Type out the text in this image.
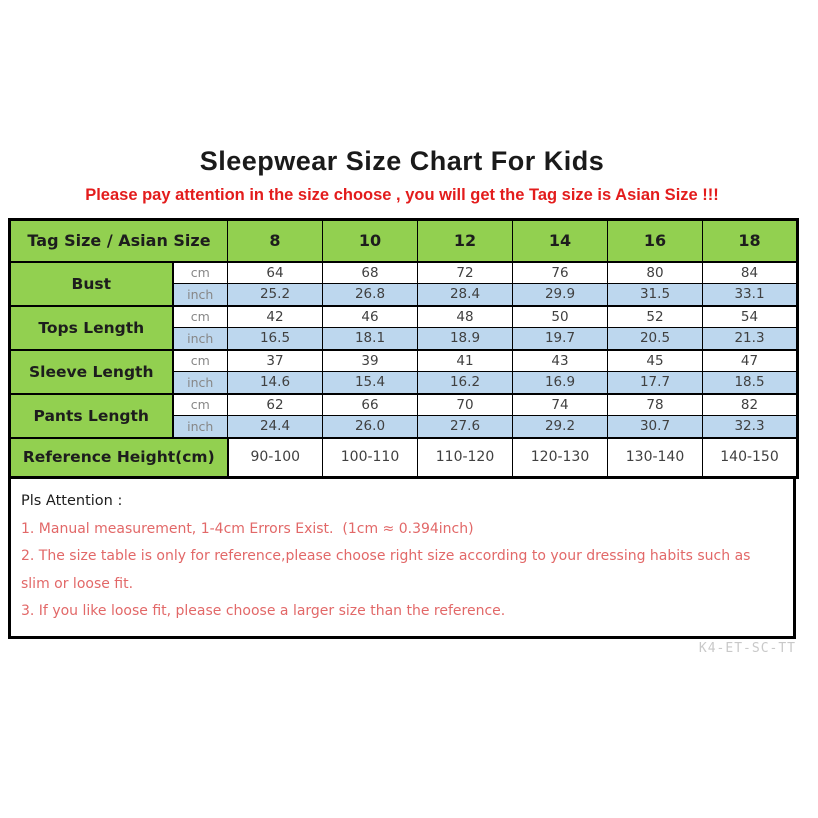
Sleepwear Size Chart For Kids
Please pay attention in the size choose , you will get the Tag size is Asian Size !!!
Tag Size / Asian Size		8	10	12	14	16	18
Bust	cm	64	68	72	76	80	84
	inch	25.2	26.8	28.4	29.9	31.5	33.1
Tops Length	cm	42	46	48	50	52	54
	inch	16.5	18.1	18.9	19.7	20.5	21.3
Sleeve Length	cm	37	39	41	43	45	47
	inch	14.6	15.4	16.2	16.9	17.7	18.5
Pants Length	cm	62	66	70	74	78	82
	inch	24.4	26.0	27.6	29.2	30.7	32.3
Reference Height(cm)		90-100	100-110	110-120	120-130	130-140	140-150

Pls Attention :

1. Manual measurement, 1-4cm Errors Exist.  (1cm ≈ 0.394inch)

2. The size table is only for reference,please choose right size according to your dressing habits such as slim or loose fit.

3. If you like loose fit, please choose a larger size than the reference.

K4-ET-SC-TT
